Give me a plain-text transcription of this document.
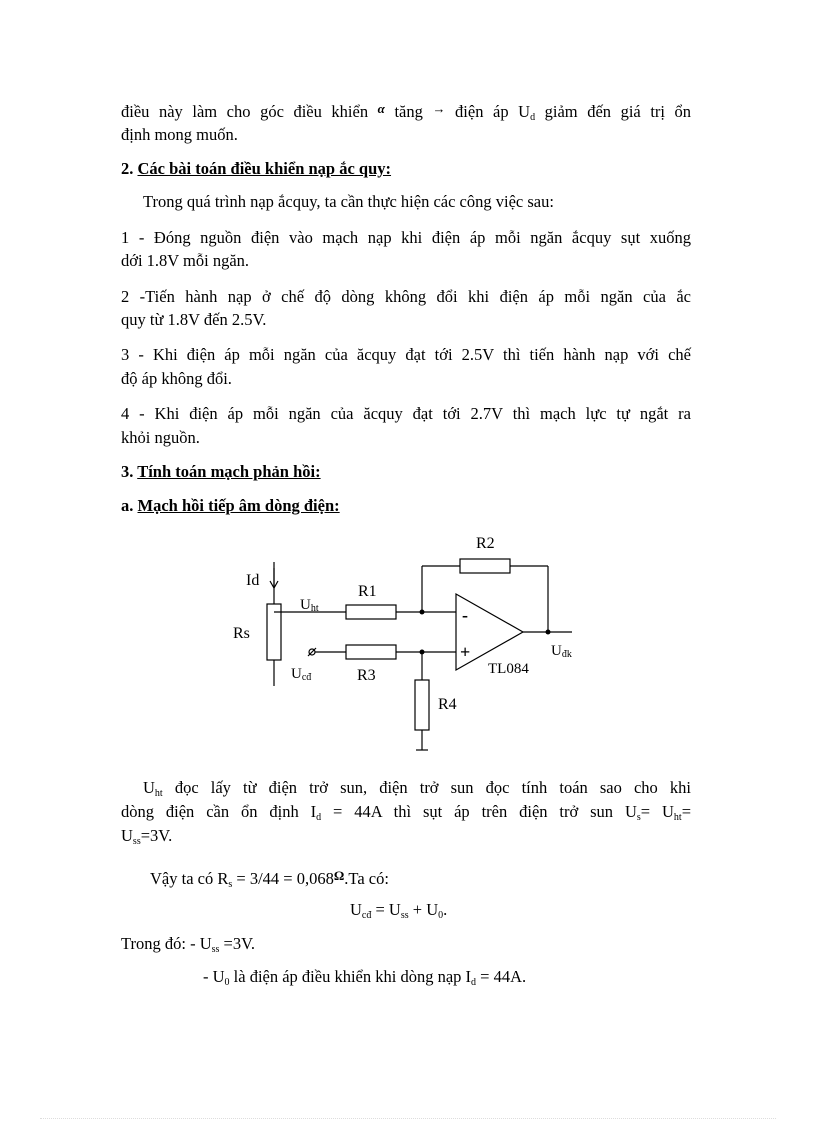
điều này làm cho góc điều khiển $^\alpha$ tăng → điện áp $U_d$ giảm đến giá trị ổn
định mong muốn.
2. Các bài toán điều khiển nạp ắc quy:
Trong quá trình nạp ắcquy, ta cần thực hiện các công việc sau:
1 - Đóng nguồn điện vào mạch nạp khi điện áp mỗi ngăn ắcquy sụt xuống
dới 1.8V mỗi ngăn.
2 -Tiến hành nạp ở chế độ dòng không đổi khi điện áp mỗi ngăn của ắc
quy từ 1.8V đến 2.5V.
3 - Khi điện áp mỗi ngăn của ăcquy đạt tới 2.5V thì tiến hành nạp với chế
độ áp không đổi.
4 - Khi điện áp mỗi ngăn của ăcquy đạt tới 2.7V thì mạch lực tự ngắt ra
khỏi nguồn.
3. Tính toán mạch phản hồi:
a. Mạch hồi tiếp âm dòng điện:
Id
Rs
Uht
R1
R2
R3
R4
Ucđ
-
+
TL084
Uđk
$U_{ht}$ đọc lấy từ điện trở sun, điện trở sun đọc tính toán sao cho khi
dòng điện cần ổn định $I_d = 44A$ thì sụt áp trên điện trở sun $U_s= U_{ht}=$
$U_{ss}=3V$.
Vậy ta có $R_s = 3/44 = 0,068^\Omega.Ta$ có:
$U_{cđ} = U_{ss} + U_0$.
Trong đó: - $U_{ss} =3V$.
- $U_0$ là điện áp điều khiển khi dòng nạp $I_d = 44A$.
